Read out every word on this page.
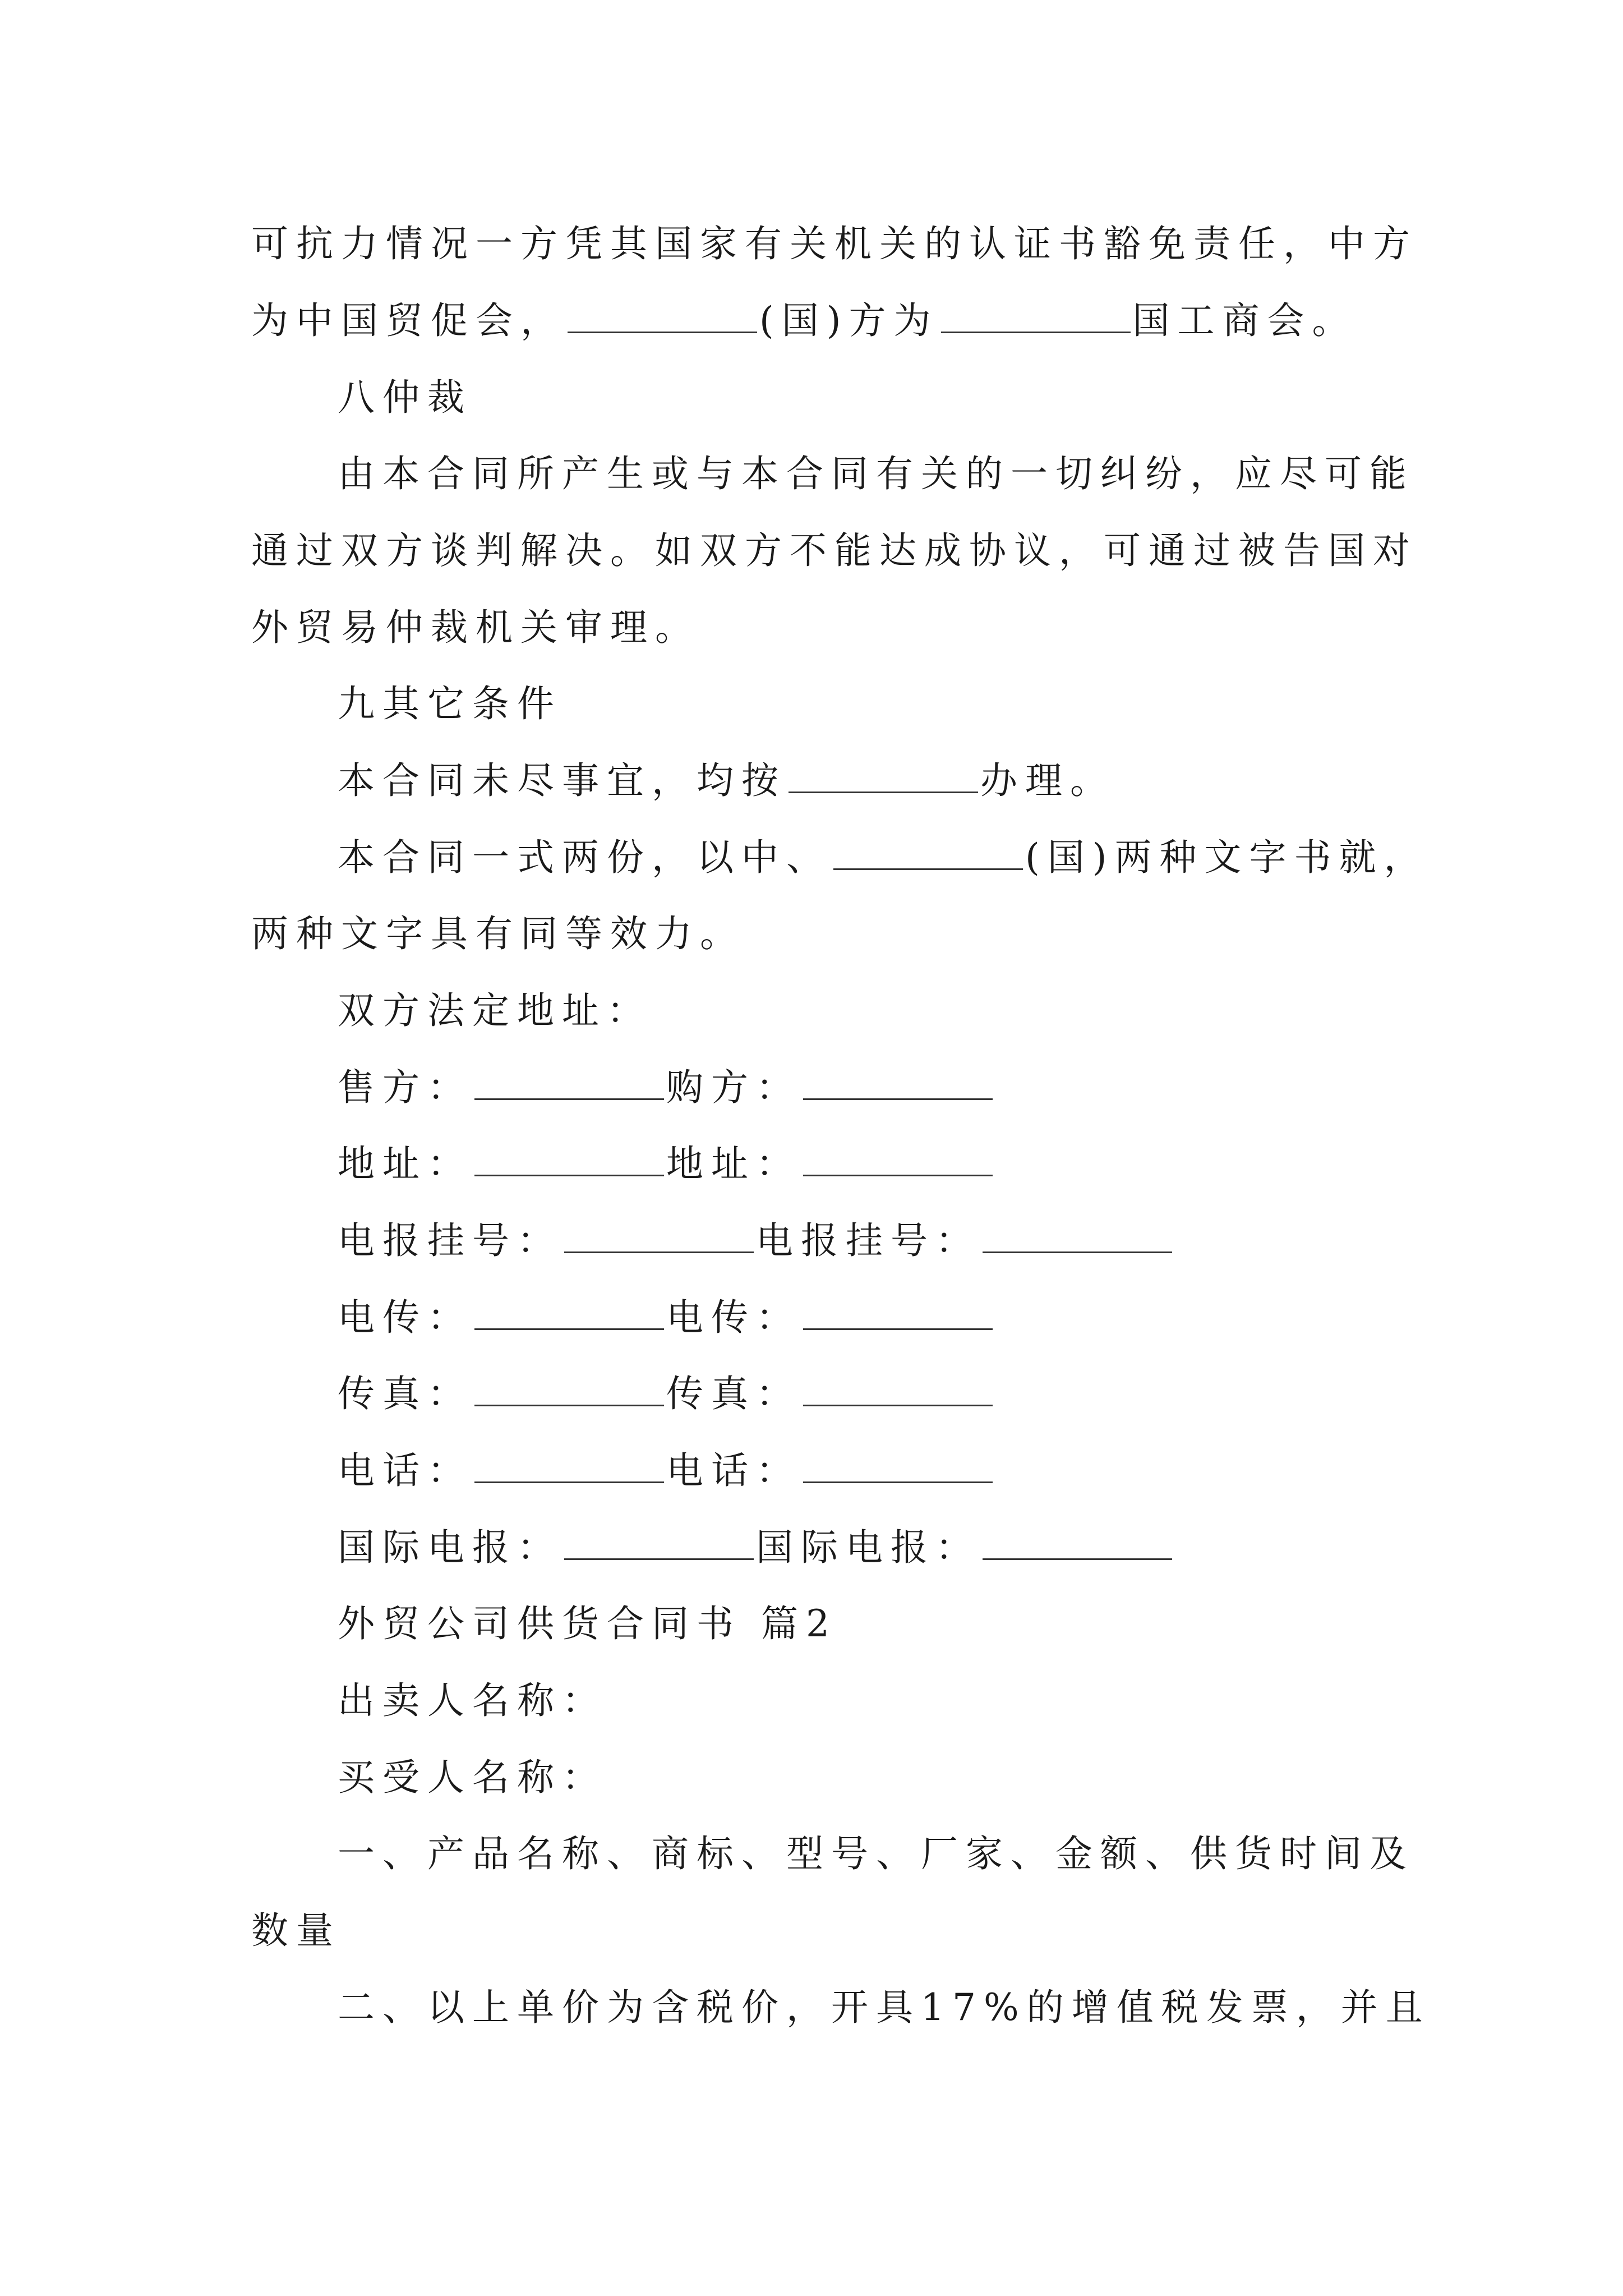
可抗力情况一方凭其国家有关机关的认证书豁免责任，中方
为中国贸促会，	(国)方为	国工商会。
八仲裁
由本合同所产生或与本合同有关的一切纠纷，应尽可能
通过双方谈判解决。如双方不能达成协议，可通过被告国对
外贸易仲裁机关审理。
九其它条件
本合同未尽事宜，均按	办理。
本合同一式两份，以中、	(国)两种文字书就，
两种文字具有同等效力。
双方法定地址：
售方：	购方：
地址：	地址：
电报挂号：	电报挂号：
电传：	电传：
传真：	传真：
电话：	电话：
国际电报：	国际电报：
外贸公司供货合同书 篇2
出卖人名称：
买受人名称：
一、产品名称、商标、型号、厂家、金额、供货时间及
数量
二、以上单价为含税价，开具17%的增值税发票，并且
